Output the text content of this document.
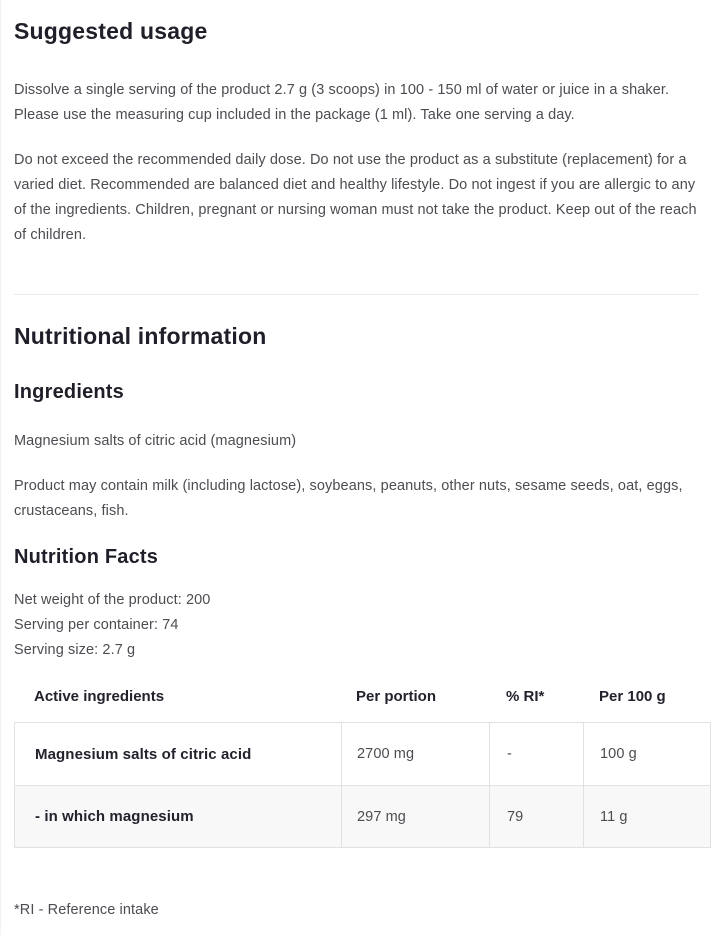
Suggested usage

Dissolve a single serving of the product 2.7 g (3 scoops) in 100 - 150 ml of water or juice in a shaker. Please use the measuring cup included in the package (1 ml). Take one serving a day.

Do not exceed the recommended daily dose. Do not use the product as a substitute (replacement) for a varied diet. Recommended are balanced diet and healthy lifestyle. Do not ingest if you are allergic to any of the ingredients. Children, pregnant or nursing woman must not take the product. Keep out of the reach of children.

Nutritional information
Ingredients

Magnesium salts of citric acid (magnesium)

Product may contain milk (including lactose), soybeans, peanuts, other nuts, sesame seeds, oat, eggs, crustaceans, fish.

Nutrition Facts
Net weight of the product: 200
Serving per container: 74
Serving size: 2.7 g
Active ingredients	Per portion	% RI*	Per 100 g
Magnesium salts of citric acid	2700 mg	-	100 g
- in which magnesium	297 mg	79	11 g

*RI - Reference intake
